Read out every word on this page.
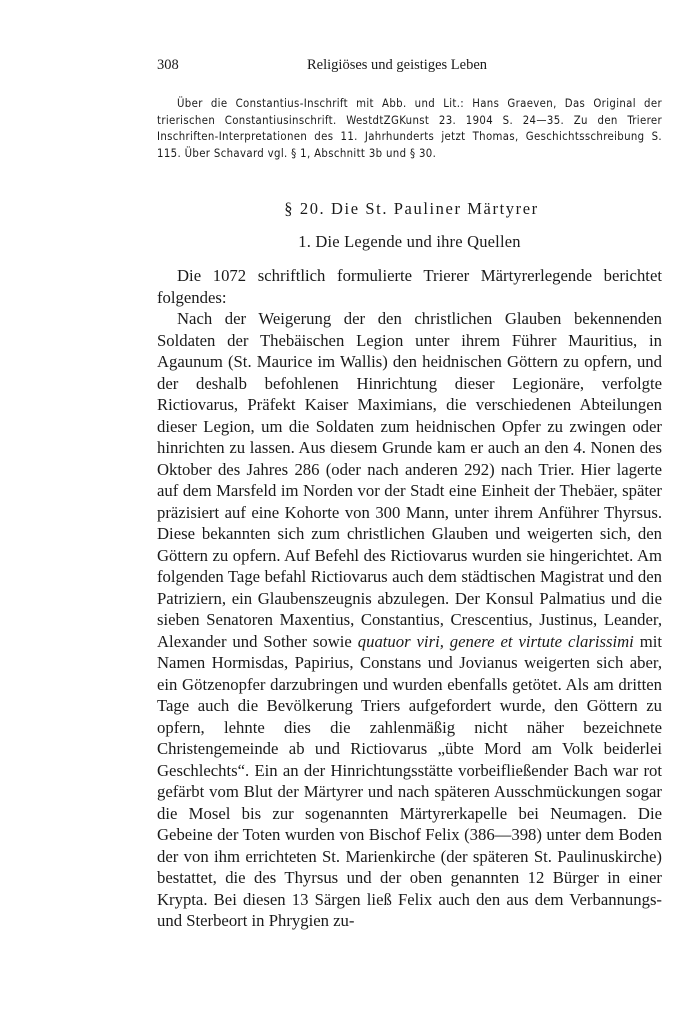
308	Religiöses und geistiges Leben

Über die Constantius-Inschrift mit Abb. und Lit.: Hans Graeven, Das Original der trierischen Constantiusinschrift. WestdtZGKunst 23. 1904 S. 24—35. Zu den Trierer Inschriften-Interpretationen des 11. Jahrhunderts jetzt Thomas, Geschichtsschreibung S. 115. Über Schavard vgl. § 1, Abschnitt 3b und § 30.

§ 20. Die St. Pauliner Märtyrer
1. Die Legende und ihre Quellen

Die 1072 schriftlich formulierte Trierer Märtyrerlegende berichtet folgendes:

Nach der Weigerung der den christlichen Glauben bekennenden Soldaten der Thebäischen Legion unter ihrem Führer Mauritius, in Agaunum (St. Maurice im Wallis) den heidnischen Göttern zu opfern, und der deshalb befohlenen Hinrichtung dieser Legionäre, verfolgte Rictiovarus, Präfekt Kaiser Maximians, die verschiedenen Abteilungen dieser Legion, um die Soldaten zum heidnischen Opfer zu zwingen oder hinrichten zu lassen. Aus diesem Grunde kam er auch an den 4. Nonen des Oktober des Jahres 286 (oder nach anderen 292) nach Trier. Hier lagerte auf dem Marsfeld im Norden vor der Stadt eine Einheit der Thebäer, später präzisiert auf eine Kohorte von 300 Mann, unter ihrem Anführer Thyrsus. Diese bekannten sich zum christlichen Glauben und weigerten sich, den Göttern zu opfern. Auf Befehl des Rictiovarus wurden sie hingerichtet. Am folgenden Tage befahl Rictiovarus auch dem städtischen Magistrat und den Patriziern, ein Glaubenszeugnis abzulegen. Der Konsul Palmatius und die sieben Senatoren Maxentius, Constantius, Crescentius, Justinus, Leander, Alexander und Sother sowie quatuor viri, genere et virtute clarissimi mit Namen Hormisdas, Papirius, Constans und Jovianus weigerten sich aber, ein Götzenopfer darzubringen und wurden ebenfalls getötet. Als am dritten Tage auch die Bevölkerung Triers aufgefordert wurde, den Göttern zu opfern, lehnte dies die zahlenmäßig nicht näher bezeichnete Christengemeinde ab und Rictiovarus „übte Mord am Volk beiderlei Geschlechts“. Ein an der Hinrichtungsstätte vorbeifließender Bach war rot gefärbt vom Blut der Märtyrer und nach späteren Ausschmückungen sogar die Mosel bis zur sogenannten Märtyrerkapelle bei Neumagen. Die Gebeine der Toten wurden von Bischof Felix (386—398) unter dem Boden der von ihm errichteten St. Marienkirche (der späteren St. Paulinuskirche) bestattet, die des Thyrsus und der oben genannten 12 Bürger in einer Krypta. Bei diesen 13 Särgen ließ Felix auch den aus dem Verbannungs- und Sterbeort in Phrygien zu-
